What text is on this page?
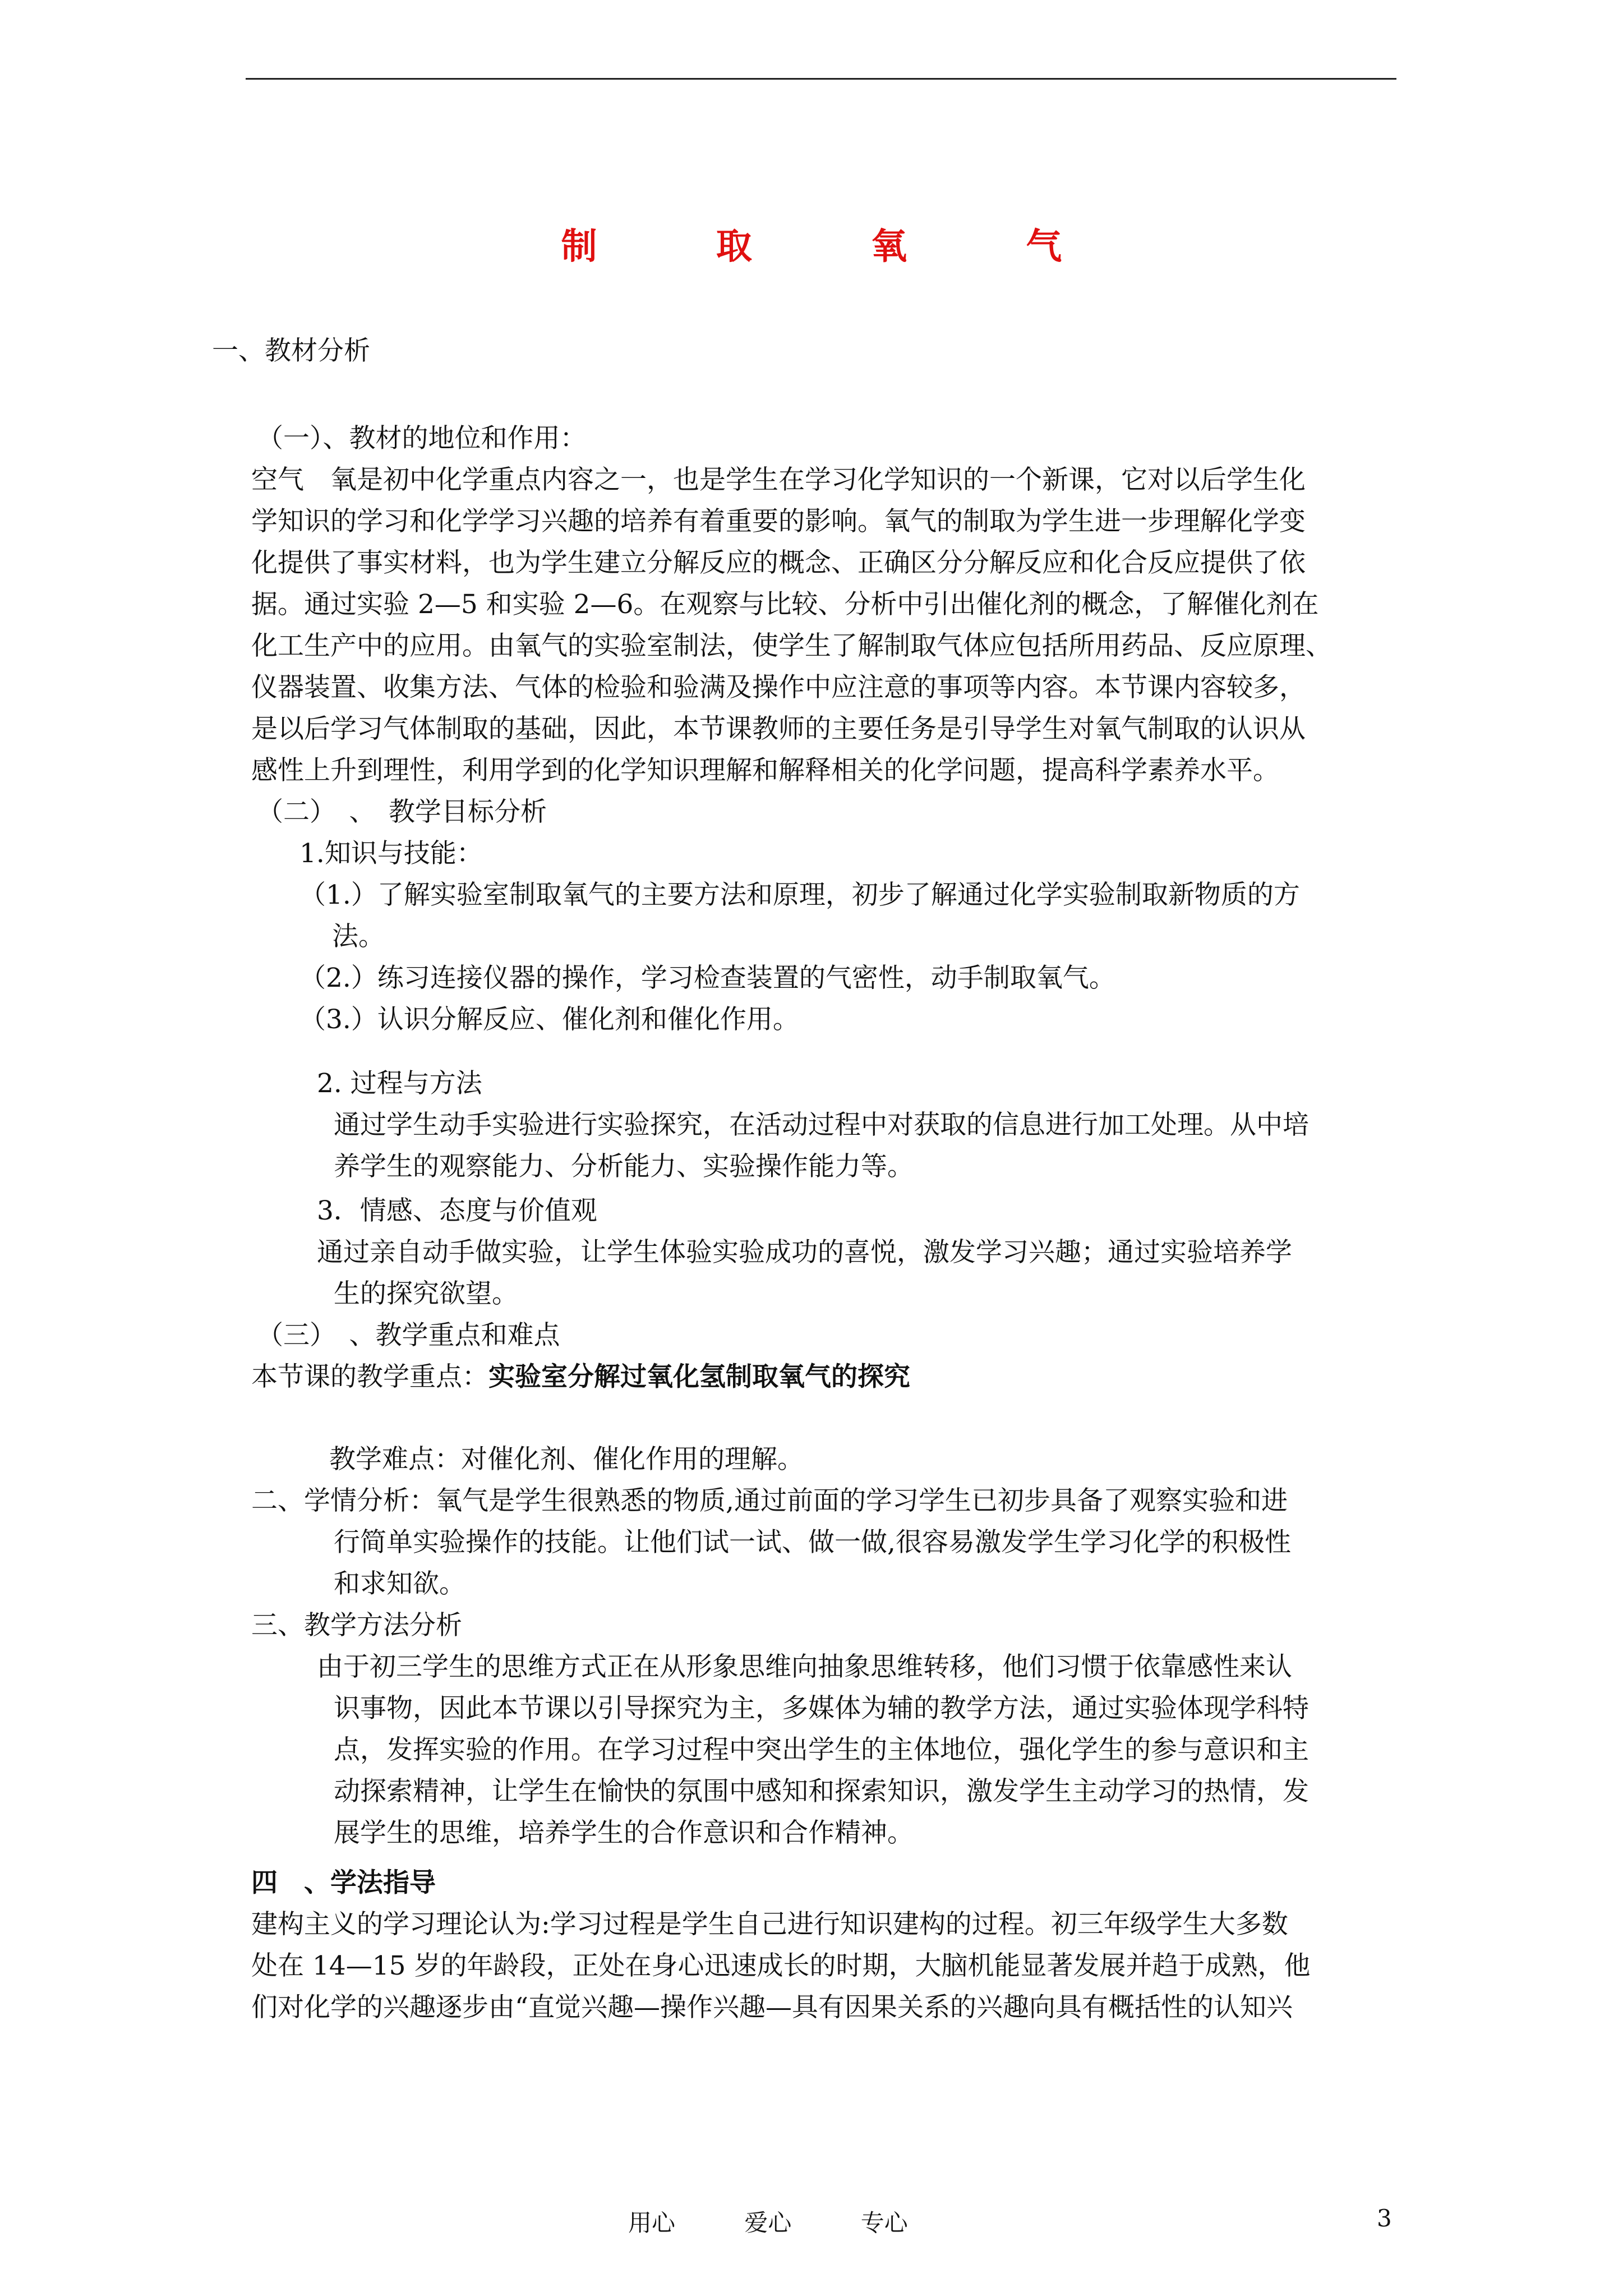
制	取	氧	气
一、教材分析
（一）、教材的地位和作用：
空气　氧是初中化学重点内容之一，也是学生在学习化学知识的一个新课，它对以后学生化
学知识的学习和化学学习兴趣的培养有着重要的影响。氧气的制取为学生进一步理解化学变
化提供了事实材料，也为学生建立分解反应的概念、正确区分分解反应和化合反应提供了依
据。通过实验 2—5 和实验 2—6。在观察与比较、分析中引出催化剂的概念，了解催化剂在
化工生产中的应用。由氧气的实验室制法，使学生了解制取气体应包括所用药品、反应原理、
仪器装置、收集方法、气体的检验和验满及操作中应注意的事项等内容。本节课内容较多，
是以后学习气体制取的基础，因此，本节课教师的主要任务是引导学生对氧气制取的认识从
感性上升到理性，利用学到的化学知识理解和解释相关的化学问题，提高科学素养水平。
（二）　、　教学目标分析
1.知识与技能：
（1.）了解实验室制取氧气的主要方法和原理，初步了解通过化学实验制取新物质的方
法。
（2.）练习连接仪器的操作，学习检查装置的气密性，动手制取氧气。
（3.）认识分解反应、催化剂和催化作用。
2. 过程与方法
通过学生动手实验进行实验探究，在活动过程中对获取的信息进行加工处理。从中培
养学生的观察能力、分析能力、实验操作能力等。
3．情感、态度与价值观
通过亲自动手做实验，让学生体验实验成功的喜悦，激发学习兴趣；通过实验培养学
生的探究欲望。
（三）　、教学重点和难点
本节课的教学重点：实验室分解过氧化氢制取氧气的探究
教学难点：对催化剂、催化作用的理解。
二、学情分析：氧气是学生很熟悉的物质,通过前面的学习学生已初步具备了观察实验和进
行简单实验操作的技能。让他们试一试、做一做,很容易激发学生学习化学的积极性
和求知欲。
三、教学方法分析
由于初三学生的思维方式正在从形象思维向抽象思维转移，他们习惯于依靠感性来认
识事物，因此本节课以引导探究为主，多媒体为辅的教学方法，通过实验体现学科特
点，发挥实验的作用。在学习过程中突出学生的主体地位，强化学生的参与意识和主
动探索精神，让学生在愉快的氛围中感知和探索知识，激发学生主动学习的热情，发
展学生的思维，培养学生的合作意识和合作精神。
四　、学法指导
建构主义的学习理论认为:学习过程是学生自己进行知识建构的过程。初三年级学生大多数
处在 14—15 岁的年龄段，正处在身心迅速成长的时期，大脑机能显著发展并趋于成熟，他
们对化学的兴趣逐步由“直觉兴趣—操作兴趣—具有因果关系的兴趣向具有概括性的认知兴
用心	爱心	专心	3
